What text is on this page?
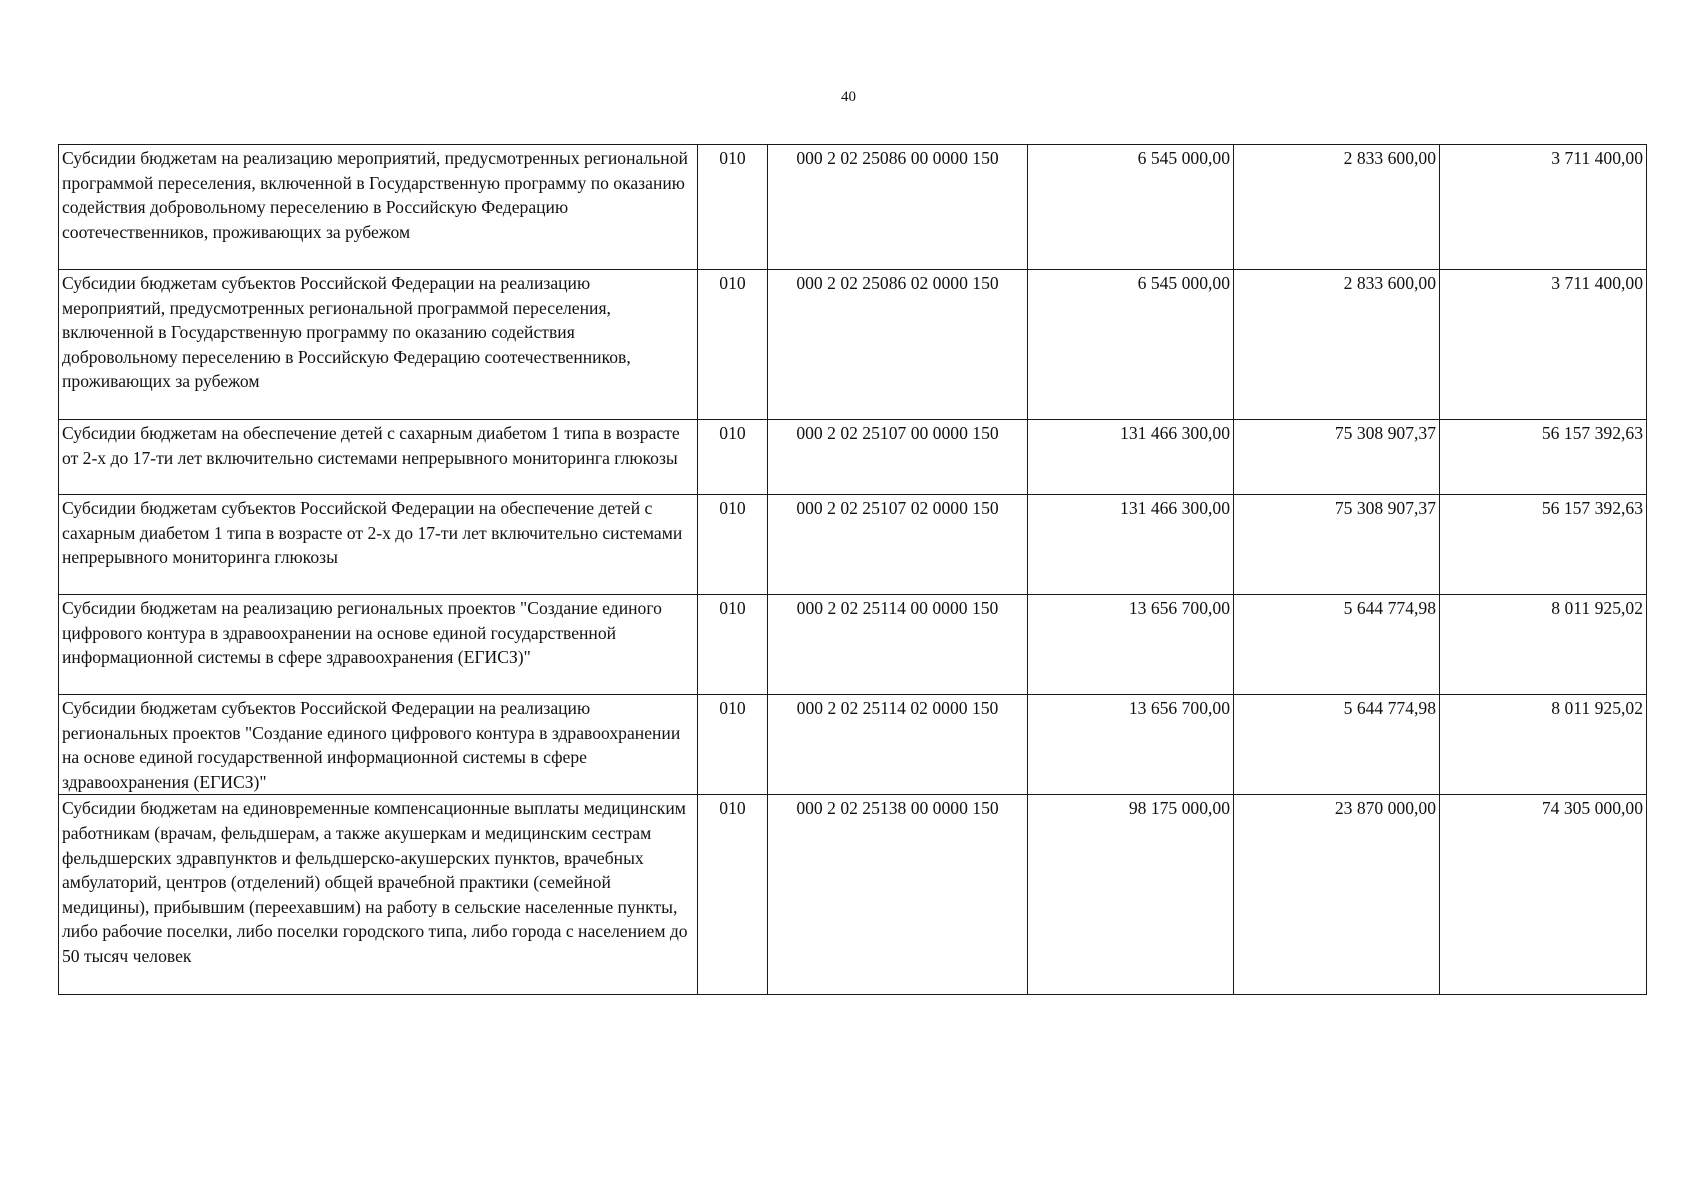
40
Субсидии бюджетам на реализацию мероприятий, предусмотренных региональной программой переселения, включенной в Государственную программу по оказанию содействия добровольному переселению в Российскую Федерацию соотечественников, проживающих за рубежом	010	000 2 02 25086 00 0000 150	6 545 000,00	2 833 600,00	3 711 400,00
Субсидии бюджетам субъектов Российской Федерации на реализацию мероприятий, предусмотренных региональной программой переселения, включенной в Государственную программу по оказанию содействия добровольному переселению в Российскую Федерацию соотечественников, проживающих за рубежом	010	000 2 02 25086 02 0000 150	6 545 000,00	2 833 600,00	3 711 400,00
Субсидии бюджетам на обеспечение детей с сахарным диабетом 1 типа в возрасте от 2-х до 17-ти лет включительно системами непрерывного мониторинга глюкозы	010	000 2 02 25107 00 0000 150	131 466 300,00	75 308 907,37	56 157 392,63
Субсидии бюджетам субъектов Российской Федерации на обеспечение детей с сахарным диабетом 1 типа в возрасте от 2-х до 17-ти лет включительно системами непрерывного мониторинга глюкозы	010	000 2 02 25107 02 0000 150	131 466 300,00	75 308 907,37	56 157 392,63
Субсидии бюджетам на реализацию региональных проектов "Создание единого цифрового контура в здравоохранении на основе единой государственной информационной системы в сфере здравоохранения (ЕГИСЗ)"	010	000 2 02 25114 00 0000 150	13 656 700,00	5 644 774,98	8 011 925,02
Субсидии бюджетам субъектов Российской Федерации на реализацию региональных проектов "Создание единого цифрового контура в здравоохранении на основе единой государственной информационной системы в сфере здравоохранения (ЕГИСЗ)"	010	000 2 02 25114 02 0000 150	13 656 700,00	5 644 774,98	8 011 925,02
Субсидии бюджетам на единовременные компенсационные выплаты медицинским работникам (врачам, фельдшерам, а также акушеркам и медицинским сестрам фельдшерских здравпунктов и фельдшерско-акушерских пунктов, врачебных амбулаторий, центров (отделений) общей врачебной практики (семейной медицины), прибывшим (переехавшим) на работу в сельские населенные пункты, либо рабочие поселки, либо поселки городского типа, либо города с населением до 50 тысяч человек	010	000 2 02 25138 00 0000 150	98 175 000,00	23 870 000,00	74 305 000,00
